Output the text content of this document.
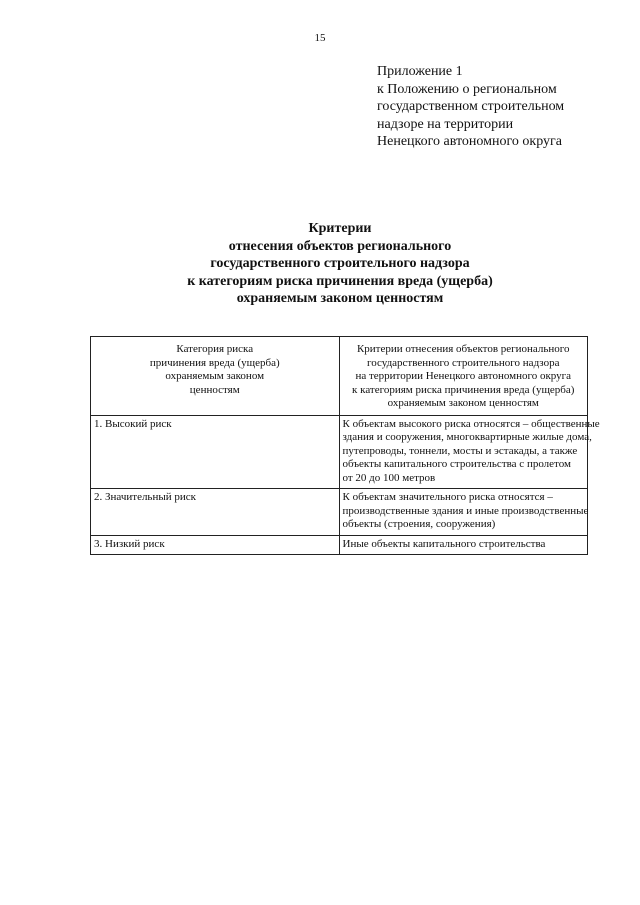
15
Приложение 1
к Положению о региональном
государственном строительном
надзоре на территории
Ненецкого автономного округа
Критерии
отнесения объектов регионального
государственного строительного надзора
к категориям риска причинения вреда (ущерба)
охраняемым законом ценностям
Категория риска
причинения вреда (ущерба)
охраняемым законом
ценностям	Критерии отнесения объектов регионального
государственного строительного надзора
на территории Ненецкого автономного округа
к категориям риска причинения вреда (ущерба)
охраняемым законом ценностям

1. Высокий риск	К объектам высокого риска относятся – общественные
здания и сооружения, многоквартирные жилые дома,
путепроводы, тоннели, мосты и эстакады, а также
объекты капитального строительства с пролетом
от 20 до 100 метров

2. Значительный риск	К объектам значительного риска относятся –
производственные здания и иные производственные
объекты (строения, сооружения)

3. Низкий риск	Иные объекты капитального строительства
